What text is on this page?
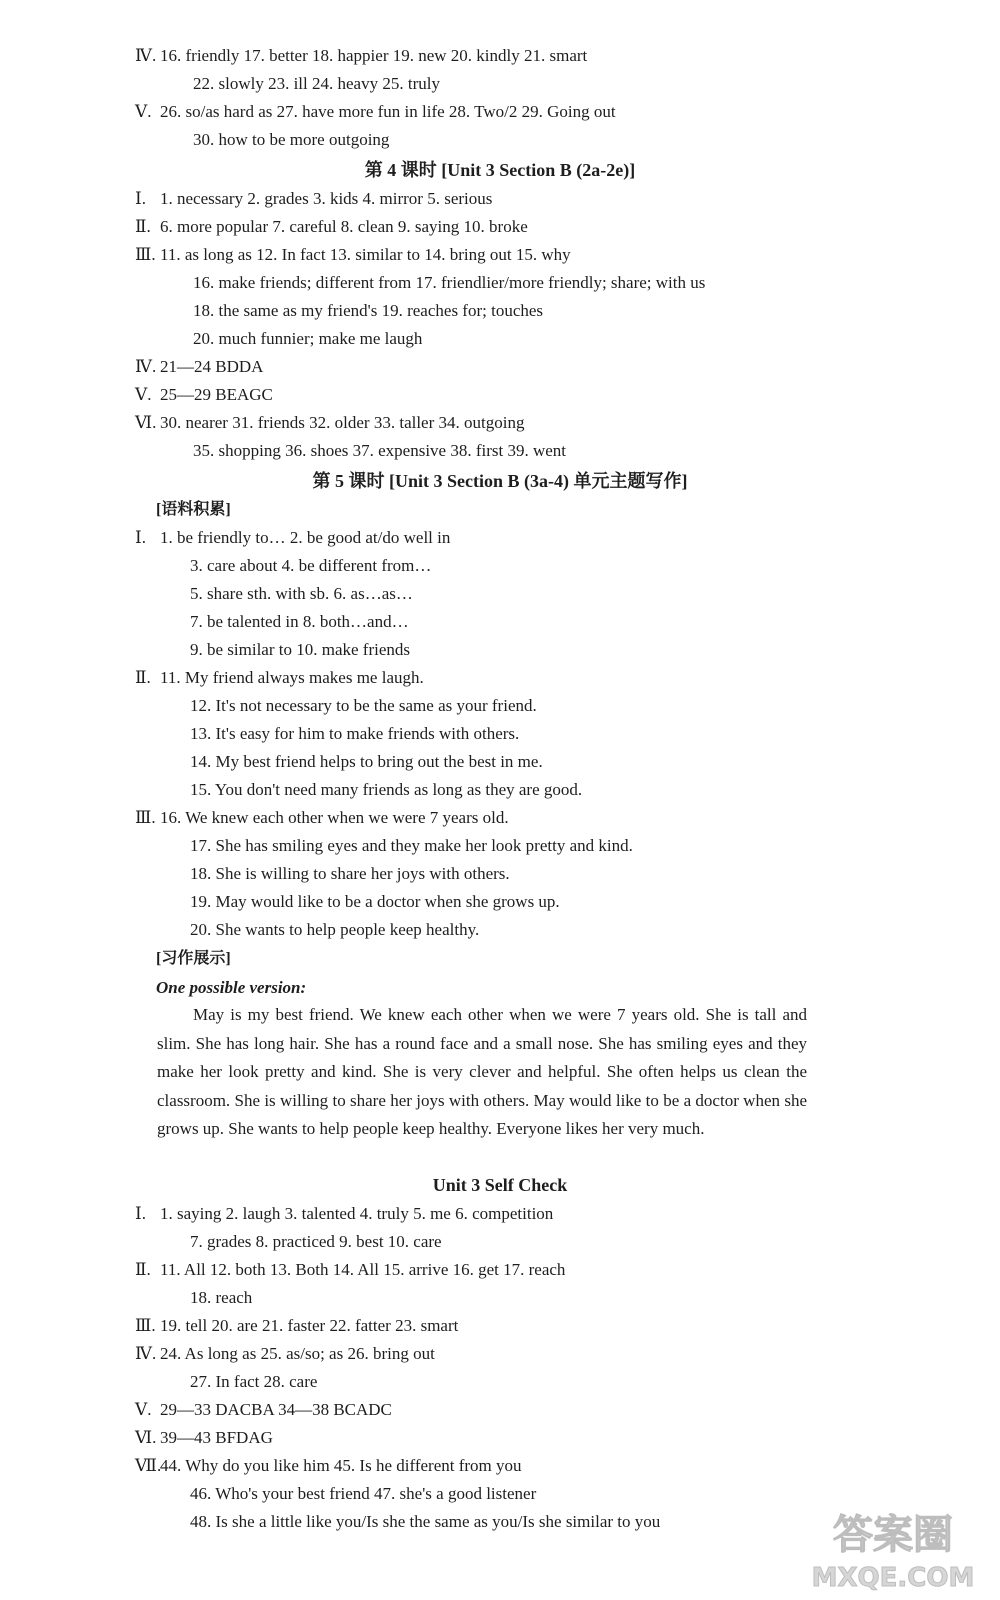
Ⅳ. 16. friendly 17. better 18. happier 19. new 20. kindly 21. smart
22. slowly 23. ill 24. heavy 25. truly
Ⅴ. 26. so/as hard as 27. have more fun in life 28. Two/2 29. Going out
30. how to be more outgoing
第 4 课时 [Unit 3 Section B (2a-2e)]
Ⅰ. 1. necessary 2. grades 3. kids 4. mirror 5. serious
Ⅱ. 6. more popular 7. careful 8. clean 9. saying 10. broke
Ⅲ. 11. as long as 12. In fact 13. similar to 14. bring out 15. why
16. make friends; different from 17. friendlier/more friendly; share; with us
18. the same as my friend's 19. reaches for; touches
20. much funnier; make me laugh
Ⅳ. 21—24 BDDA
Ⅴ. 25—29 BEAGC
Ⅵ. 30. nearer 31. friends 32. older 33. taller 34. outgoing
35. shopping 36. shoes 37. expensive 38. first 39. went
第 5 课时 [Unit 3 Section B (3a-4) 单元主题写作]
[语料积累]
Ⅰ. 1. be friendly to… 2. be good at/do well in
3. care about 4. be different from…
5. share sth. with sb. 6. as…as…
7. be talented in 8. both…and…
9. be similar to 10. make friends
Ⅱ. 11. My friend always makes me laugh.
12. It's not necessary to be the same as your friend.
13. It's easy for him to make friends with others.
14. My best friend helps to bring out the best in me.
15. You don't need many friends as long as they are good.
Ⅲ. 16. We knew each other when we were 7 years old.
17. She has smiling eyes and they make her look pretty and kind.
18. She is willing to share her joys with others.
19. May would like to be a doctor when she grows up.
20. She wants to help people keep healthy.
[习作展示]
One possible version:

May is my best friend. We knew each other when we were 7 years old. She is tall and slim. She has long hair. She has a round face and a small nose. She has smiling eyes and they make her look pretty and kind. She is very clever and helpful. She often helps us clean the classroom. She is willing to share her joys with others. May would like to be a doctor when she grows up. She wants to help people keep healthy. Everyone likes her very much.

Unit 3 Self Check
Ⅰ. 1. saying 2. laugh 3. talented 4. truly 5. me 6. competition
7. grades 8. practiced 9. best 10. care
Ⅱ. 11. All 12. both 13. Both 14. All 15. arrive 16. get 17. reach
18. reach
Ⅲ. 19. tell 20. are 21. faster 22. fatter 23. smart
Ⅳ. 24. As long as 25. as/so; as 26. bring out
27. In fact 28. care
Ⅴ. 29—33 DACBA 34—38 BCADC
Ⅵ. 39—43 BFDAG
Ⅶ.
44. Why do you like him 45. Is he different from you
46. Who's your best friend 47. she's a good listener
48. Is she a little like you/Is she the same as you/Is she similar to you	答案圈
MXQE.COM
